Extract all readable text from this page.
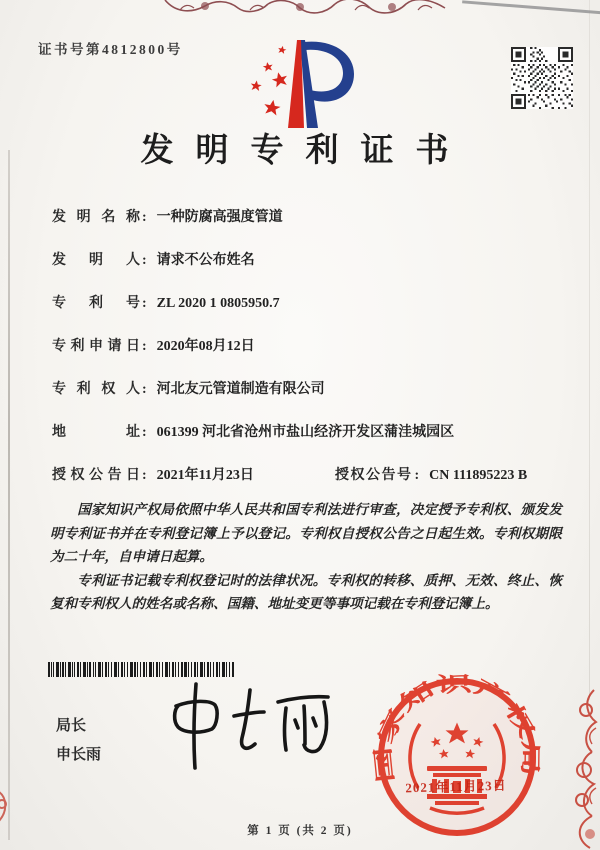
证书号第4812800号
发明专利证书
发明名称 : 一种防腐高强度管道
发明人 : 请求不公布姓名
专利号 : ZL 2020 1 0805950.7
专利申请日 : 2020年08月12日
专利权人 : 河北友元管道制造有限公司
地址 : 061399 河北省沧州市盐山经济开发区蒲洼城园区
授权公告日 : 2021年11月23日	授权公告号 : CN 111895223 B

国家知识产权局依照中华人民共和国专利法进行审查，决定授予专利权、颁发发明专利证书并在专利登记簿上予以登记。专利权自授权公告之日起生效。专利权期限为二十年，自申请日起算。

专利证书记载专利权登记时的法律状况。专利权的转移、质押、无效、终止、恢复和专利权人的姓名或名称、国籍、地址变更等事项记载在专利登记簿上。

局长
申长雨
国家知识产权局
2021年11月23日
第 1 页 (共 2 页)
